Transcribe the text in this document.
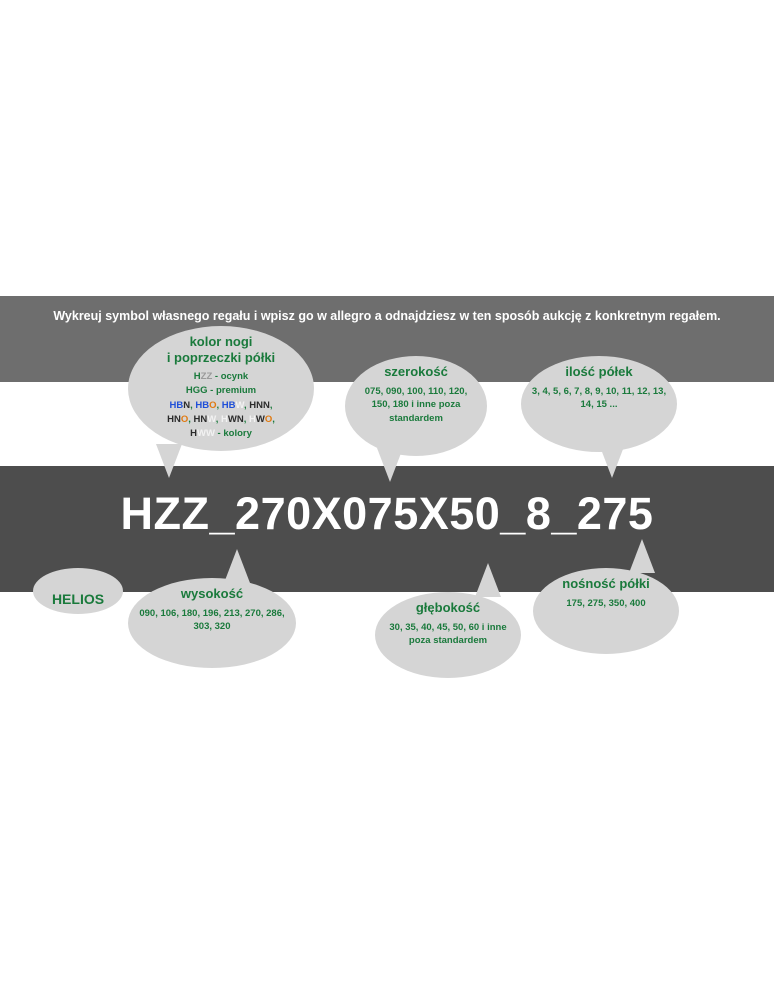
Wykreuj symbol własnego regału i wpisz go w allegro a odnajdziesz w ten sposób aukcję z konkretnym regałem.
HZZ_270X075X50_8_275
kolor nogi
i poprzeczki półki
HZZ - ocynk
HGG - premium
HBN, HBO, HBW, HNN,
HNO, HNW, HWN, HWO,
HWW - kolory
szerokość
075, 090, 100, 110, 120, 150, 180 i inne poza standardem
ilość półek
3, 4, 5, 6, 7, 8, 9, 10, 11, 12, 13, 14, 15 ...
HELIOS	wysokość
090, 106, 180, 196, 213, 270, 286, 303, 320
głębokość
30, 35, 40, 45, 50, 60 i inne poza standardem
nośność półki
175, 275, 350, 400
